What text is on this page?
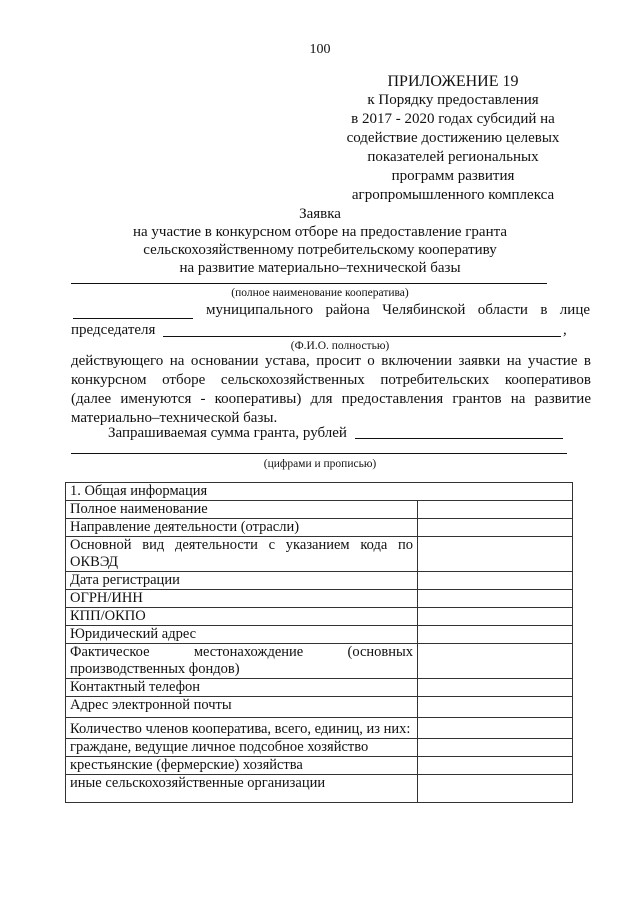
100
ПРИЛОЖЕНИЕ 19
к Порядку предоставления
в 2017 - 2020 годах субсидий на
содействие достижению целевых
показателей региональных
программ развития
агропромышленного комплекса
Заявка
на участие в конкурсном отборе на предоставление гранта
сельскохозяйственному потребительскому кооперативу
на развитие материально–технической базы
(полное наименование кооператива)
муниципального района Челябинской области в лице
председателя	,
(Ф.И.О. полностью)
действующего на основании устава, просит о включении заявки на участие в
конкурсном отборе сельскохозяйственных потребительских кооперативов
(далее именуются - кооперативы) для предоставления грантов на развитие
материально–технической базы.
Запрашиваемая сумма гранта, рублей
(цифрами и прописью)
1. Общая информация	
Полное наименование	
Направление деятельности (отрасли)	
Основной вид деятельности с указанием кода по ОКВЭД	
Дата регистрации	
ОГРН/ИНН	
КПП/ОКПО	
Юридический адрес	
Фактическое местонахождение (основных производственных фондов)	
Контактный телефон	
Адрес электронной почты	
Количество членов кооператива, всего, единиц, из них:	
граждане, ведущие личное подсобное хозяйство	
крестьянские (фермерские) хозяйства	
иные сельскохозяйственные организации	
